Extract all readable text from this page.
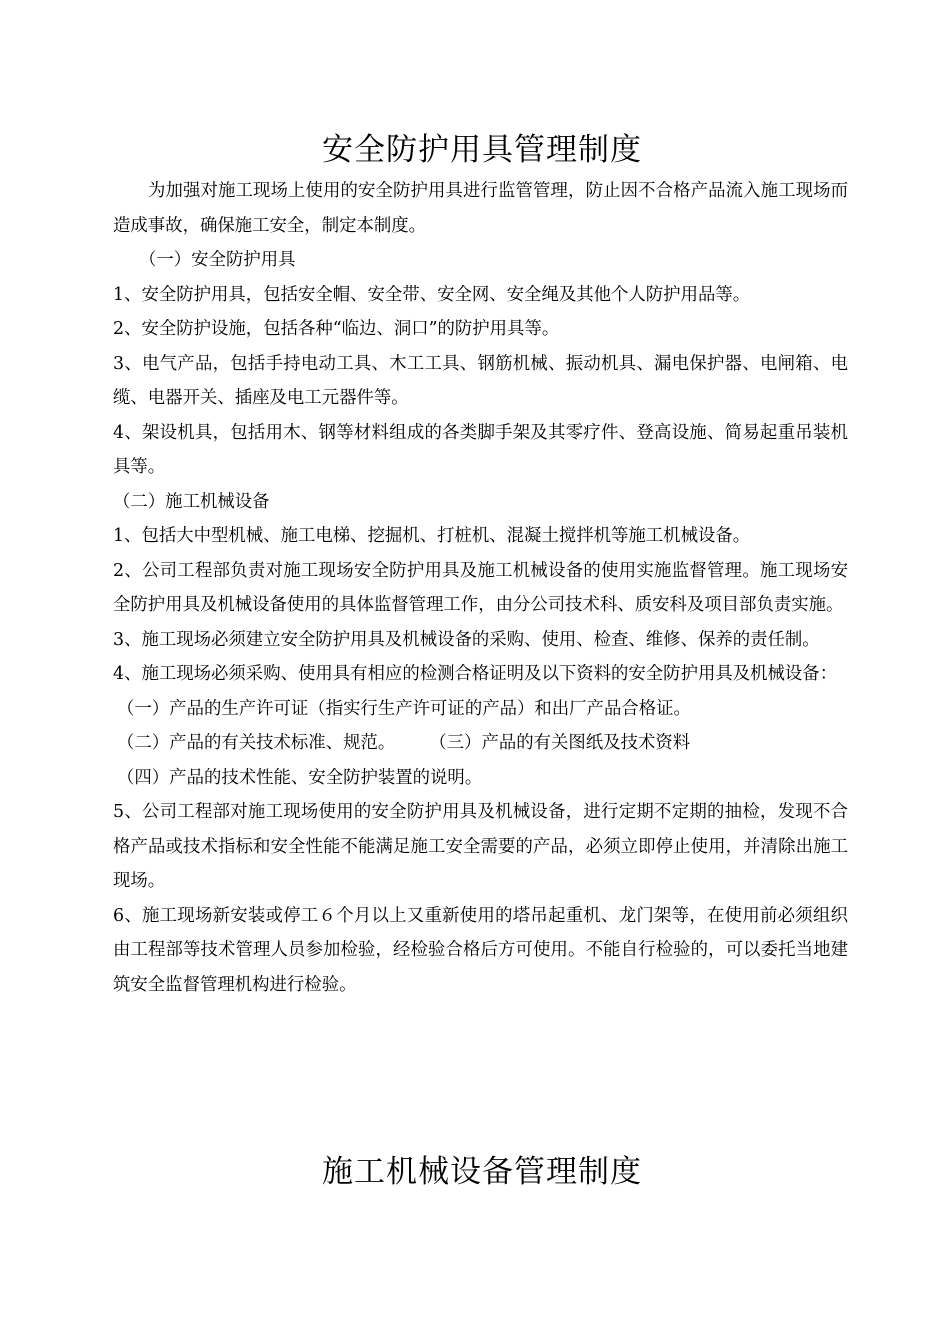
安全防护用具管理制度

为加强对施工现场上使用的安全防护用具进行监管管理，防止因不合格产品流入施工现场而造成事故，确保施工安全，制定本制度。

（一）安全防护用具

1、安全防护用具，包括安全帽、安全带、安全网、安全绳及其他个人防护用品等。

2、安全防护设施，包括各种“临边、洞口”的防护用具等。

3、电气产品，包括手持电动工具、木工工具、钢筋机械、振动机具、漏电保护器、电闸箱、电缆、电器开关、插座及电工元器件等。

4、架设机具，包括用木、钢等材料组成的各类脚手架及其零疗件、登高设施、简易起重吊装机具等。

（二）施工机械设备

1、包括大中型机械、施工电梯、挖掘机、打桩机、混凝土搅拌机等施工机械设备。

2、公司工程部负责对施工现场安全防护用具及施工机械设备的使用实施监督管理。施工现场安全防护用具及机械设备使用的具体监督管理工作，由分公司技术科、质安科及项目部负责实施。

3、施工现场必须建立安全防护用具及机械设备的采购、使用、检查、维修、保养的责任制。

4、施工现场必须采购、使用具有相应的检测合格证明及以下资料的安全防护用具及机械设备：

（一）产品的生产许可证（指实行生产许可证的产品）和出厂产品合格证。

（二）产品的有关技术标准、规范。 （三）产品的有关图纸及技术资料

（四）产品的技术性能、安全防护装置的说明。

5、公司工程部对施工现场使用的安全防护用具及机械设备，进行定期不定期的抽检，发现不合格产品或技术指标和安全性能不能满足施工安全需要的产品，必须立即停止使用，并清除出施工现场。

6、施工现场新安装或停工６个月以上又重新使用的塔吊起重机、龙门架等，在使用前必须组织由工程部等技术管理人员参加检验，经检验合格后方可使用。不能自行检验的，可以委托当地建筑安全监督管理机构进行检验。

施工机械设备管理制度
